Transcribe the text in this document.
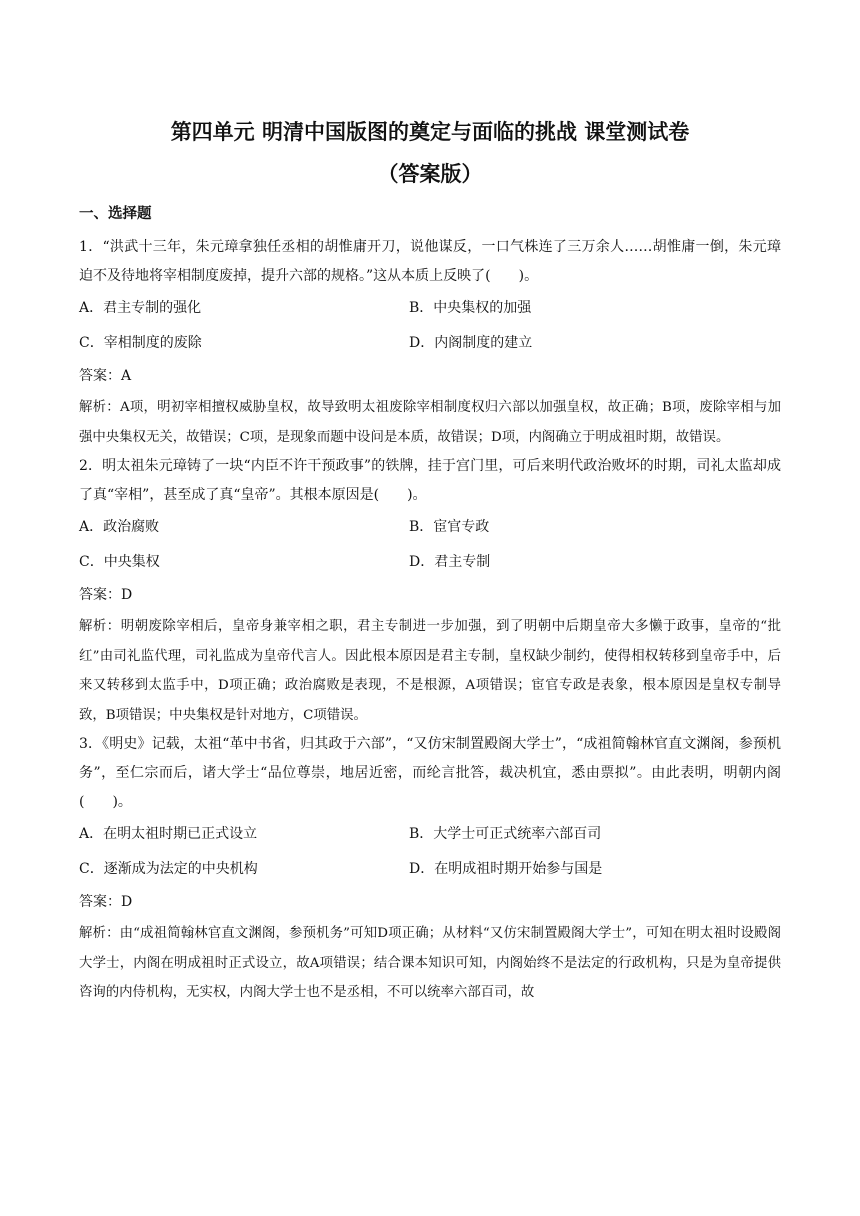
第四单元 明清中国版图的奠定与面临的挑战 课堂测试卷
（答案版）
一、选择题

1．“洪武十三年，朱元璋拿独任丞相的胡惟庸开刀，说他谋反，一口气株连了三万余人……胡惟庸一倒，朱元璋迫不及待地将宰相制度废掉，提升六部的规格。”这从本质上反映了(　　)。

A．君主专制的强化	B．中央集权的加强
C．宰相制度的废除	D．内阁制度的建立

答案：A

解析：A项，明初宰相擅权威胁皇权，故导致明太祖废除宰相制度权归六部以加强皇权，故正确；B项，废除宰相与加强中央集权无关，故错误；C项，是现象而题中设问是本质，故错误；D项，内阁确立于明成祖时期，故错误。

2．明太祖朱元璋铸了一块“内臣不许干预政事”的铁牌，挂于宫门里，可后来明代政治败坏的时期，司礼太监却成了真“宰相”，甚至成了真“皇帝”。其根本原因是(　　)。

A．政治腐败	B．宦官专政
C．中央集权	D．君主专制

答案：D

解析：明朝废除宰相后，皇帝身兼宰相之职，君主专制进一步加强，到了明朝中后期皇帝大多懒于政事，皇帝的“批红”由司礼监代理，司礼监成为皇帝代言人。因此根本原因是君主专制，皇权缺少制约，使得相权转移到皇帝手中，后来又转移到太监手中，D项正确；政治腐败是表现，不是根源，A项错误；宦官专政是表象，根本原因是皇权专制导致，B项错误；中央集权是针对地方，C项错误。

3．《明史》记载，太祖“革中书省，归其政于六部”，“又仿宋制置殿阁大学士”，“成祖简翰林官直文渊阁，参预机务”，至仁宗而后，诸大学士“品位尊崇，地居近密，而纶言批答，裁决机宜，悉由票拟”。由此表明，明朝内阁(　　)。

A．在明太祖时期已正式设立	B．大学士可正式统率六部百司
C．逐渐成为法定的中央机构	D．在明成祖时期开始参与国是

答案：D

解析：由“成祖简翰林官直文渊阁，参预机务”可知D项正确；从材料“又仿宋制置殿阁大学士”，可知在明太祖时设殿阁大学士，内阁在明成祖时正式设立，故A项错误；结合课本知识可知，内阁始终不是法定的行政机构，只是为皇帝提供咨询的内侍机构，无实权，内阁大学士也不是丞相，不可以统率六部百司，故
